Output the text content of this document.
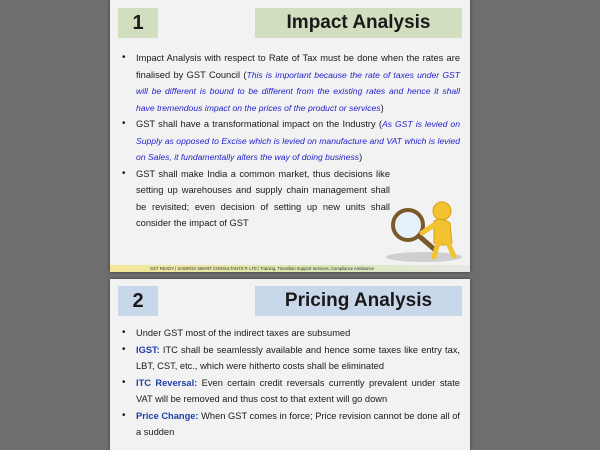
1	Impact Analysis
• Impact Analysis with respect to Rate of Tax must be done when the rates are finalised by GST Council (This is important because the rate of taxes under GST will be different is bound to be different from the existing rates and hence it shall have tremendous impact on the prices of the product or services)
• GST shall have a transformational impact on the Industry (As GST is levied on Supply as opposed to Excise which is levied on manufacture and VAT which is levied on Sales, it fundamentally alters the way of doing business)
• GST shall make India a common market, thus decisions like setting up warehouses and supply chain management shall be revisited; even decision of setting up new units shall consider the impact of GST
GST READY | SAIBROS SMART CONSULTANTS P. LTD | Training, Transition Support Services, Compliance Assistance
2	Pricing Analysis
• Under GST most of the indirect taxes are subsumed
• IGST: ITC shall be seamlessly available and hence some taxes like entry tax, LBT, CST, etc., which were hitherto costs shall be eliminated
• ITC Reversal: Even certain credit reversals currently prevalent under state VAT will be removed and thus cost to that extent will go down
• Price Change: When GST comes in force; Price revision cannot be done all of a sudden
